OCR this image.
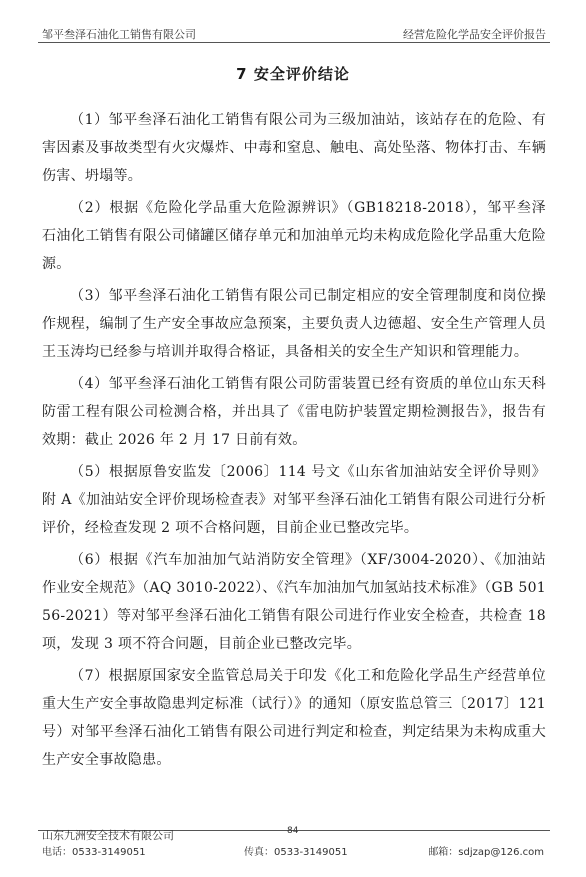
邹平叁泽石油化工销售有限公司	经营危险化学品安全评价报告
7 安全评价结论

（1）邹平叁泽石油化工销售有限公司为三级加油站，该站存在的危险、有害因素及事故类型有火灾爆炸、中毒和窒息、触电、高处坠落、物体打击、车辆伤害、坍塌等。

（2）根据《危险化学品重大危险源辨识》（GB18218-2018），邹平叁泽石油化工销售有限公司储罐区储存单元和加油单元均未构成危险化学品重大危险源。

（3）邹平叁泽石油化工销售有限公司已制定相应的安全管理制度和岗位操作规程，编制了生产安全事故应急预案，主要负责人边德超、安全生产管理人员王玉涛均已经参与培训并取得合格证，具备相关的安全生产知识和管理能力。

（4）邹平叁泽石油化工销售有限公司防雷装置已经有资质的单位山东天科防雷工程有限公司检测合格，并出具了《雷电防护装置定期检测报告》，报告有效期：截止 2026 年 2 月 17 日前有效。

（5）根据原鲁安监发〔2006〕114 号文《山东省加油站安全评价导则》附 A《加油站安全评价现场检查表》对邹平叁泽石油化工销售有限公司进行分析评价，经检查发现 2 项不合格问题，目前企业已整改完毕。

（6）根据《汽车加油加气站消防安全管理》（XF/3004-2020）、《加油站作业安全规范》（AQ 3010-2022）、《汽车加油加气加氢站技术标准》（GB 50156-2021）等对邹平叁泽石油化工销售有限公司进行作业安全检查，共检查 18 项，发现 3 项不符合问题，目前企业已整改完毕。

（7）根据原国家安全监管总局关于印发《化工和危险化学品生产经营单位重大生产安全事故隐患判定标准（试行）》的通知（原安监总管三〔2017〕121 号）对邹平叁泽石油化工销售有限公司进行判定和检查，判定结果为未构成重大生产安全事故隐患。

山东九洲安全技术有限公司	84
电话：0533-3149051	传真：0533-3149051	邮箱：sdjzap@126.com
